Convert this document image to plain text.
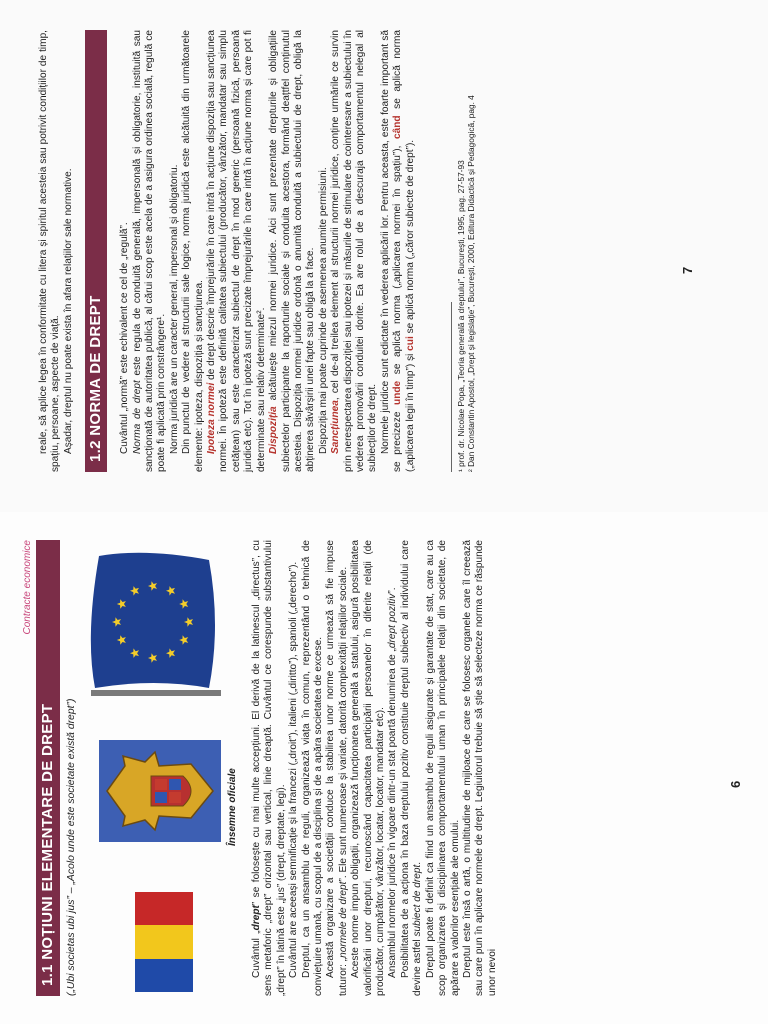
reale, să aplice legea în conformitate cu litera și spiritul acesteia sau potrivit condițiilor de timp, spațiu, persoane, aspecte de viață. Așadar, dreptul nu poate exista în afara relațiilor sale normative. 1.2 NORMA DE DREPT Cuvântul „normă” este echivalent ce cel de „regulă”. Norma de drept este regula de conduită generală, impersonală și obligatorie, instituită sau sancționată de autoritatea publică, al cărui scop este acela de a asigura ordinea socială, regulă ce poate fi aplicată prin constrângere¹. Norma juridică are un caracter general, impersonal și obligatoriu. Din punctul de vedere al structurii sale logice, norma juridică este alcătuită din următoarele elemente: ipoteza, dispoziția și sancțiunea. Ipoteza normei de drept descrie împrejurările în care intră în acțiune dispoziția sau sancțiunea normei. În ipoteză este definită calitatea subiectului (producător, vânzător, mandatar sau simplu cetățean) sau este caracterizat subiectul de drept în mod generic (persoană fizică, persoană juridică etc). Tot în ipoteză sunt precizate împrejurările în care intră în acțiune norma și care pot fi determinate sau relativ determinate². Dispoziția alcătuiește miezul normei juridice. Aici sunt prezentate drepturile și obligațiile subiectelor participante la raporturile sociale și conduita acestora, formând deațtfel conținutul acesteia. Dispoziția normei juridice ordonă o anumită conduită a subiectului de drept, obligă la abținerea săvârșirii unei fapte sau obligă la a face. Dispoziția mai poate cuprinde de asemenea anumite permisiuni. Sancțiunea, cel de-al treilea element al structurii normei juridice, conține urmările ce survin prin nerespectarea dispoziției sau ipotezei și măsurile de stimulare de cointeresare a subiectului în vederea promovării conduitei dorite. Ea are rolul de a descuraja comportamentul nelegal al subiecților de drept. Normele juridice sunt edictate în vederea aplicării lor. Pentru aceasta, este foarte important să se precizeze unde se aplică norma („aplicarea normei în spațiu”), când se aplică norma („aplicarea legii în timp”) și cui se aplică norma („căror subiecte de drept”).	¹ prof. dr. Nicolae Popa, „Teoria generală a dreptului”, București, 1995, pag. 27-57-93 ² Dan Constantin Apostol, „Drept și legislație”, București, 2000, Editura Didactică și Pedagogică, pag. 4	7

Contracte economice

1.1 NOȚIUNI ELEMENTARE DE DREPT („Ubi societas ubi jus” – „Acolo unde este societate există drept”)	Însemne oficiale

Cuvântul „drept” se folosește cu mai multe accepțiuni. El derivă de la latinescul „directus”, cu sens metaforic „drept” orizontal sau vertical, linie dreaptă. Cuvântul ce corespunde substantivului „drept” în latină este „jus” (drept, dreptate, legi). Cuvântul are aceeași semnificație și la francezi („droit”), italieni („diritto”), spanioli („derecho”). Dreptul, ca un ansamblu de reguli, organizează viața în comun, reprezentând o tehnică de conviețuire umană, cu scopul de a disciplina și de a apăra societatea de excese. Această organizare a societății conduce la stabilirea unor norme ce urmează să fie impuse tuturor: „normele de drept”. Ele sunt numeroase și variate, datorită complexității relațiilor sociale. Aceste norme impun obligații, organizează funcționarea generală a statului, asigură posibilitatea valorificării unor drepturi, recunoscând capacitatea participării persoanelor în diferite relații (de producător, cumpărător, vânzător, locatar, locator, mandatar etc). Ansamblul normelor juridice în vigoare dintr-un stat poartă denumirea de „drept pozitiv”. Posibilitatea de a acționa în baza dreptului pozitiv constituie dreptul subiectiv al individului care devine astfel subiect de drept. Dreptul poate fi definit ca fiind un ansamblu de reguli asigurate și garantate de stat, care au ca scop organizarea și disciplinarea comportamentului uman în principalele relații din societate, de apărare a valorilor esențiale ale omului. Dreptul este însă o artă, o multitudine de mijloace de care se folosesc organele care îl creează sau care pun în aplicare normele de drept. Legiuitorul trebuie să știe să selecteze norma ce răspunde unor nevoi

6
